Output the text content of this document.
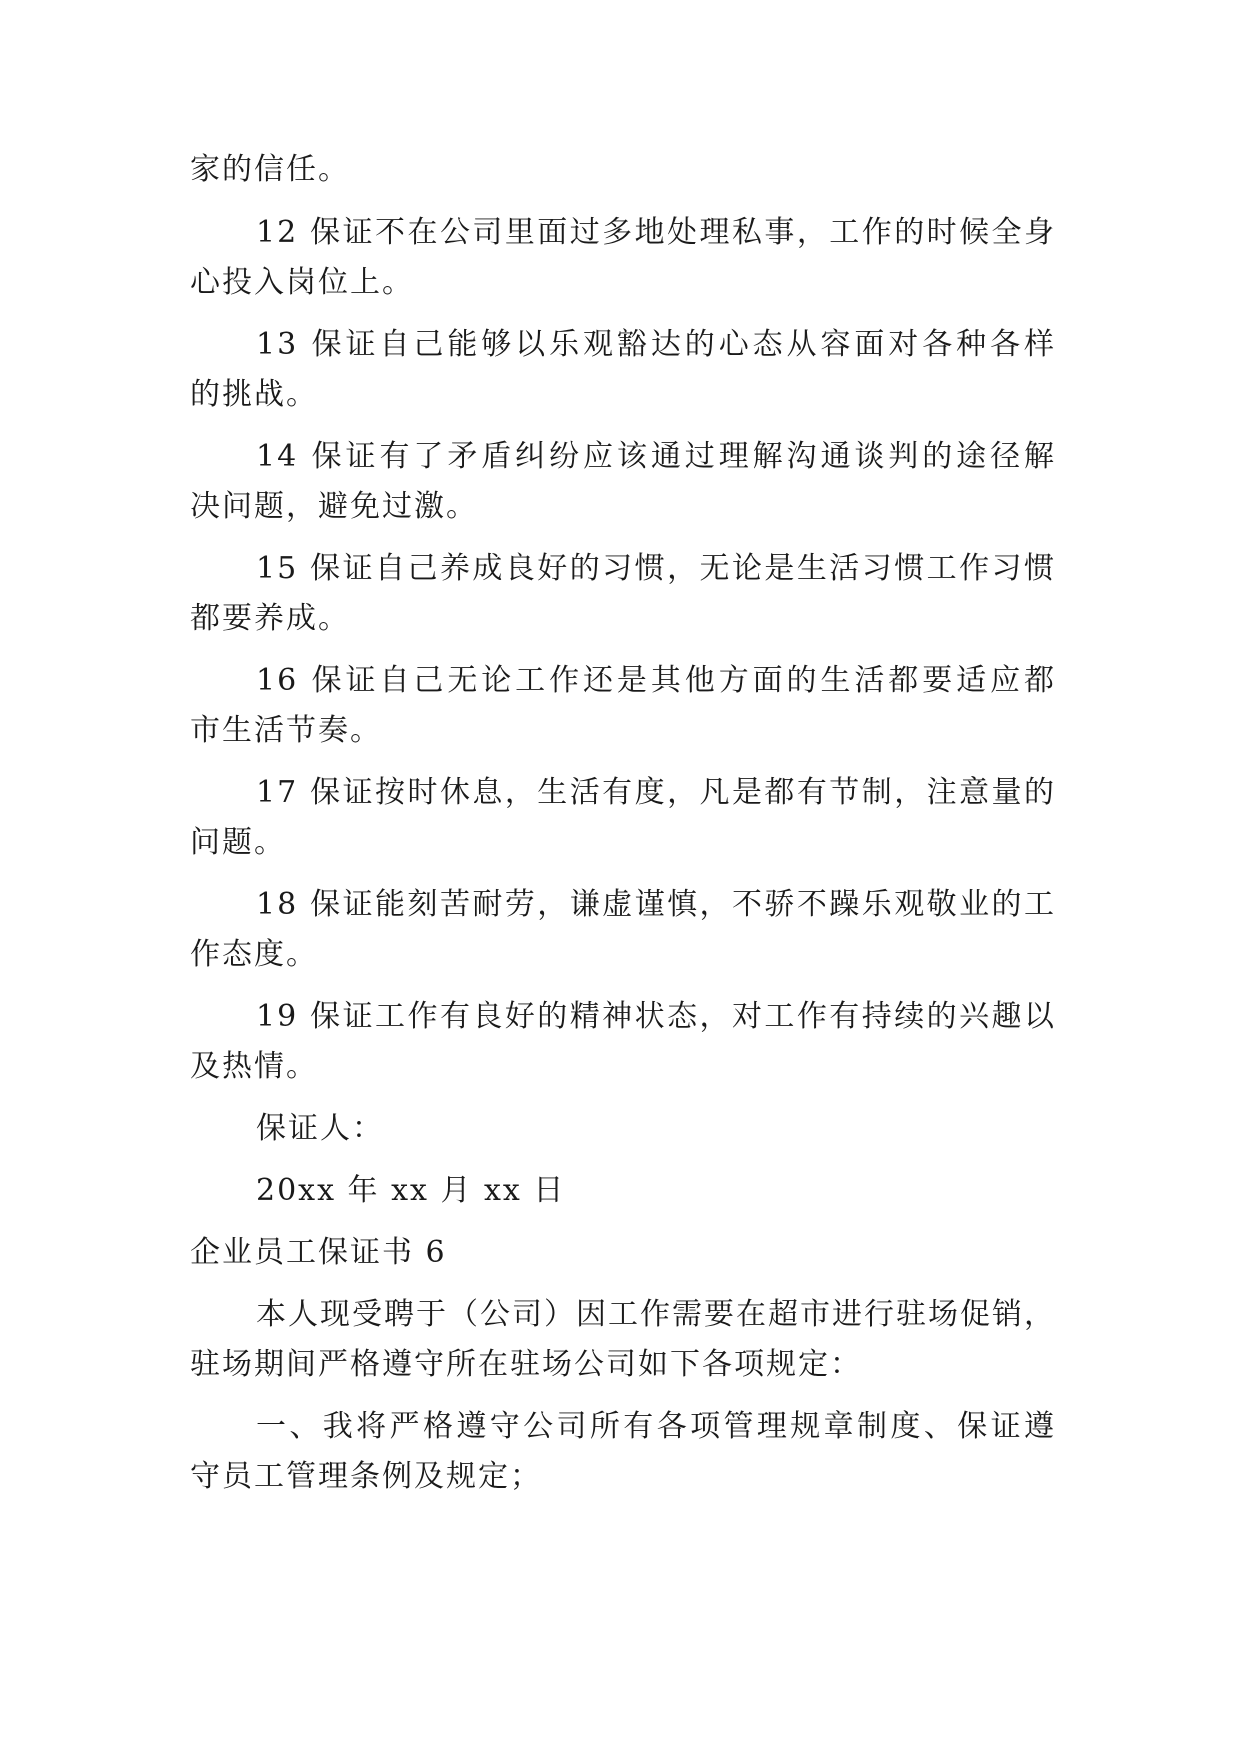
家的信任。
12 保证不在公司里面过多地处理私事，工作的时候全身
心投入岗位上。
13 保证自己能够以乐观豁达的心态从容面对各种各样
的挑战。
14 保证有了矛盾纠纷应该通过理解沟通谈判的途径解
决问题，避免过激。
15 保证自己养成良好的习惯，无论是生活习惯工作习惯
都要养成。
16 保证自己无论工作还是其他方面的生活都要适应都
市生活节奏。
17 保证按时休息，生活有度，凡是都有节制，注意量的
问题。
18 保证能刻苦耐劳，谦虚谨慎，不骄不躁乐观敬业的工
作态度。
19 保证工作有良好的精神状态，对工作有持续的兴趣以
及热情。
保证人：
20xx 年 xx 月 xx 日
企业员工保证书 6
本人现受聘于（公司）因工作需要在超市进行驻场促销，
驻场期间严格遵守所在驻场公司如下各项规定：
一、我将严格遵守公司所有各项管理规章制度、保证遵
守员工管理条例及规定；
